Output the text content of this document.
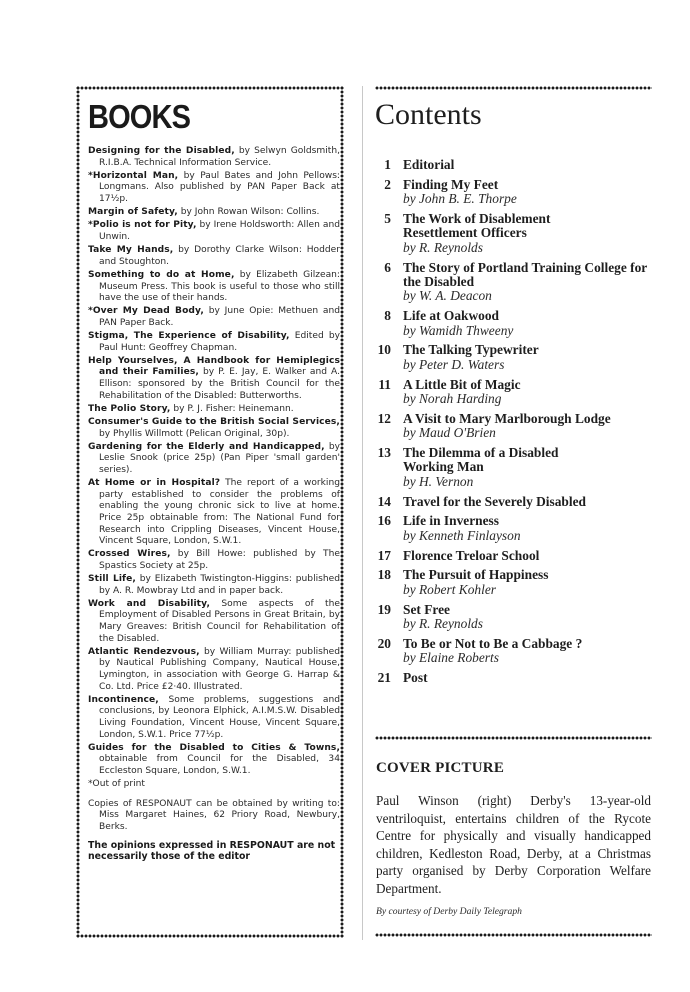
BOOKS
Designing for the Disabled, by Selwyn Goldsmith, R.I.B.A. Technical Information Service.
*Horizontal Man, by Paul Bates and John Pellows: Longmans. Also published by PAN Paper Back at 17½p.
Margin of Safety, by John Rowan Wilson: Collins.
*Polio is not for Pity, by Irene Holdsworth: Allen and Unwin.
Take My Hands, by Dorothy Clarke Wilson: Hodder and Stoughton.
Something to do at Home, by Elizabeth Gilzean: Museum Press. This book is useful to those who still have the use of their hands.
*Over My Dead Body, by June Opie: Methuen and PAN Paper Back.
Stigma, The Experience of Disability, Edited by Paul Hunt: Geoffrey Chapman.
Help Yourselves, A Handbook for Hemiplegics and their Families, by P. E. Jay, E. Walker and A. Ellison: sponsored by the British Council for the Rehabilitation of the Disabled: Butterworths.
The Polio Story, by P. J. Fisher: Heinemann.
Consumer's Guide to the British Social Services, by Phyllis Willmott (Pelican Original, 30p).
Gardening for the Elderly and Handicapped, by Leslie Snook (price 25p) (Pan Piper 'small garden' series).
At Home or in Hospital? The report of a working party established to consider the problems of enabling the young chronic sick to live at home. Price 25p obtainable from: The National Fund for Research into Crippling Diseases, Vincent House, Vincent Square, London, S.W.1.
Crossed Wires, by Bill Howe: published by The Spastics Society at 25p.
Still Life, by Elizabeth Twistington-Higgins: published by A. R. Mowbray Ltd and in paper back.
Work and Disability, Some aspects of the Employment of Disabled Persons in Great Britain, by Mary Greaves: British Council for Rehabilitation of the Disabled.
Atlantic Rendezvous, by William Murray: published by Nautical Publishing Company, Nautical House, Lymington, in association with George G. Harrap & Co. Ltd. Price £2·40. Illustrated.
Incontinence, Some problems, suggestions and conclusions, by Leonora Elphick, A.I.M.S.W. Disabled Living Foundation, Vincent House, Vincent Square, London, S.W.1. Price 77½p.
Guides for the Disabled to Cities & Towns, obtainable from Council for the Disabled, 34 Eccleston Square, London, S.W.1.
*Out of print
Copies of RESPONAUT can be obtained by writing to: Miss Margaret Haines, 62 Priory Road, Newbury, Berks.
The opinions expressed in RESPONAUT are not necessarily those of the editor
Contents
1 Editorial
2 Finding My Feet
by John B. E. Thorpe
5 The Work of Disablement Resettlement Officers
by R. Reynolds
6 The Story of Portland Training College for the Disabled
by W. A. Deacon
8 Life at Oakwood
by Wamidh Thweeny
10 The Talking Typewriter
by Peter D. Waters
11 A Little Bit of Magic
by Norah Harding
12 A Visit to Mary Marlborough Lodge
by Maud O'Brien
13 The Dilemma of a Disabled Working Man
by H. Vernon
14 Travel for the Severely Disabled
16 Life in Inverness
by Kenneth Finlayson
17 Florence Treloar School
18 The Pursuit of Happiness
by Robert Kohler
19 Set Free
by R. Reynolds
20 To Be or Not to Be a Cabbage ?
by Elaine Roberts
21 Post
COVER PICTURE

Paul Winson (right) Derby's 13-year-old ventriloquist, entertains children of the Rycote Centre for physically and visually handicapped children, Kedleston Road, Derby, at a Christmas party organised by Derby Corporation Welfare Department.

By courtesy of Derby Daily Telegraph
